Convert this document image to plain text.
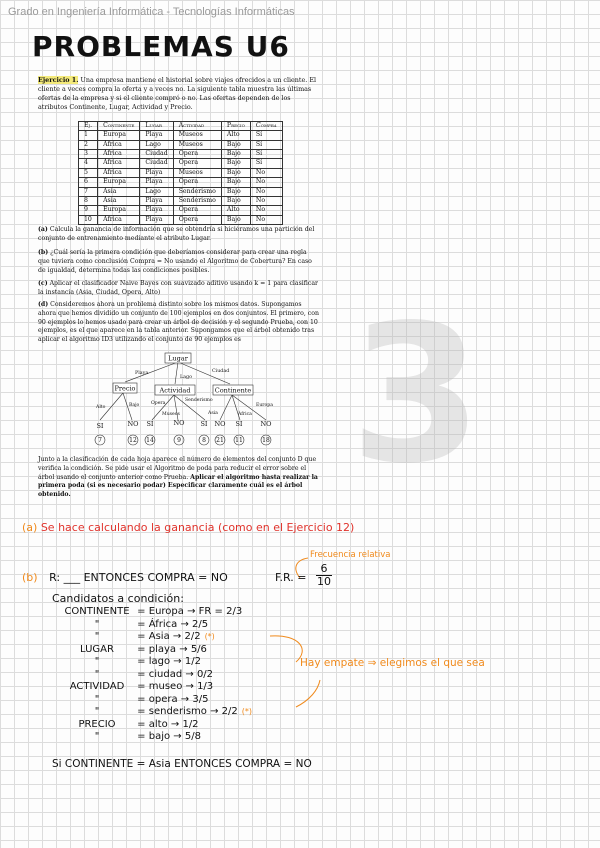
Grado en Ingeniería Informática - Tecnologías Informáticas
PROBLEMAS U6
Ejercicio 1. Una empresa mantiene el historial sobre viajes ofrecidos a un cliente. El cliente a veces compra la oferta y a veces no. La siguiente tabla muestra las últimas ofertas de la empresa y si el cliente compró o no. Las ofertas dependen de los atributos Continente, Lugar, Actividad y Precio.
Ej.	Continente	Lugar	Actividad	Precio	Compra
1	Europa	Playa	Museos	Alto	Sí
2	África	Lago	Museos	Bajo	Sí
3	África	Ciudad	Opera	Bajo	Sí
4	África	Ciudad	Opera	Bajo	Sí
5	África	Playa	Museos	Bajo	No
6	Europa	Playa	Opera	Bajo	No
7	Asia	Lago	Senderismo	Bajo	No
8	Asia	Playa	Senderismo	Bajo	No
9	Europa	Playa	Opera	Alto	No
10	África	Playa	Opera	Bajo	No
(a) Calcula la ganancia de información que se obtendría si hiciéramos una partición del conjunto de entrenamiento mediante el atributo Lugar.
(b) ¿Cuál sería la primera condición que deberíamos considerar para crear una regla que tuviera como conclusión Compra = No usando el Algoritmo de Cobertura? En caso de igualdad, determina todas las condiciones posibles.
(c) Aplicar el clasificador Naive Bayes con suavizado aditivo usando k = 1 para clasificar la instancia (Asia, Ciudad, Opera, Alto)
(d) Consideremos ahora un problema distinto sobre los mismos datos. Supongamos ahora que hemos dividido un conjunto de 100 ejemplos en dos conjuntos. El primero, con 90 ejemplos lo hemos usado para crear un árbol de decisión y el segundo Prueba, con 10 ejemplos, es el que aparece en la tabla anterior. Supongamos que el árbol obtenido tras aplicar el algoritmo ID3 utilizando el conjunto de 90 ejemplos es 3
Lugar
Playa
Lago
Ciudad
Precio	Actividad	Continente
Alto	Bajo	Opera
Museos
Senderismo
Asia	África
Europa
SI	NO SI	NO SI NO SI	NO
7	12 14	9	8 21 11	18
Junto a la clasificación de cada hoja aparece el número de elementos del conjunto D que verifica la condición. Se pide usar el Algoritmo de poda para reducir el error sobre el árbol usando el conjunto anterior como Prueba. Aplicar el algoritmo hasta realizar la primera poda (si es necesario podar) Especificar claramente cuál es el árbol obtenido.
(a) Se hace calculando la ganancia (como en el Ejercicio 12)
(b) R: ___ ENTONCES COMPRA = NO	F.R. = $\frac{6}{10}$
Frecuencia relativa
Candidatos a condición:
CONTINENTE = Europa → FR = 2/3
"	= África → 2/5
"	= Asia → 2/2 (*)
LUGAR = playa → 5/6
"	= lago → 1/2
"	= ciudad → 0/2
ACTIVIDAD = museo → 1/3
"	= opera → 3/5
"	= senderismo → 2/2 (*)
PRECIO = alto → 1/2
"	= bajo → 5/8
Hay empate ⇒ elegimos el que sea
Si CONTINENTE = Asia ENTONCES COMPRA = NO
